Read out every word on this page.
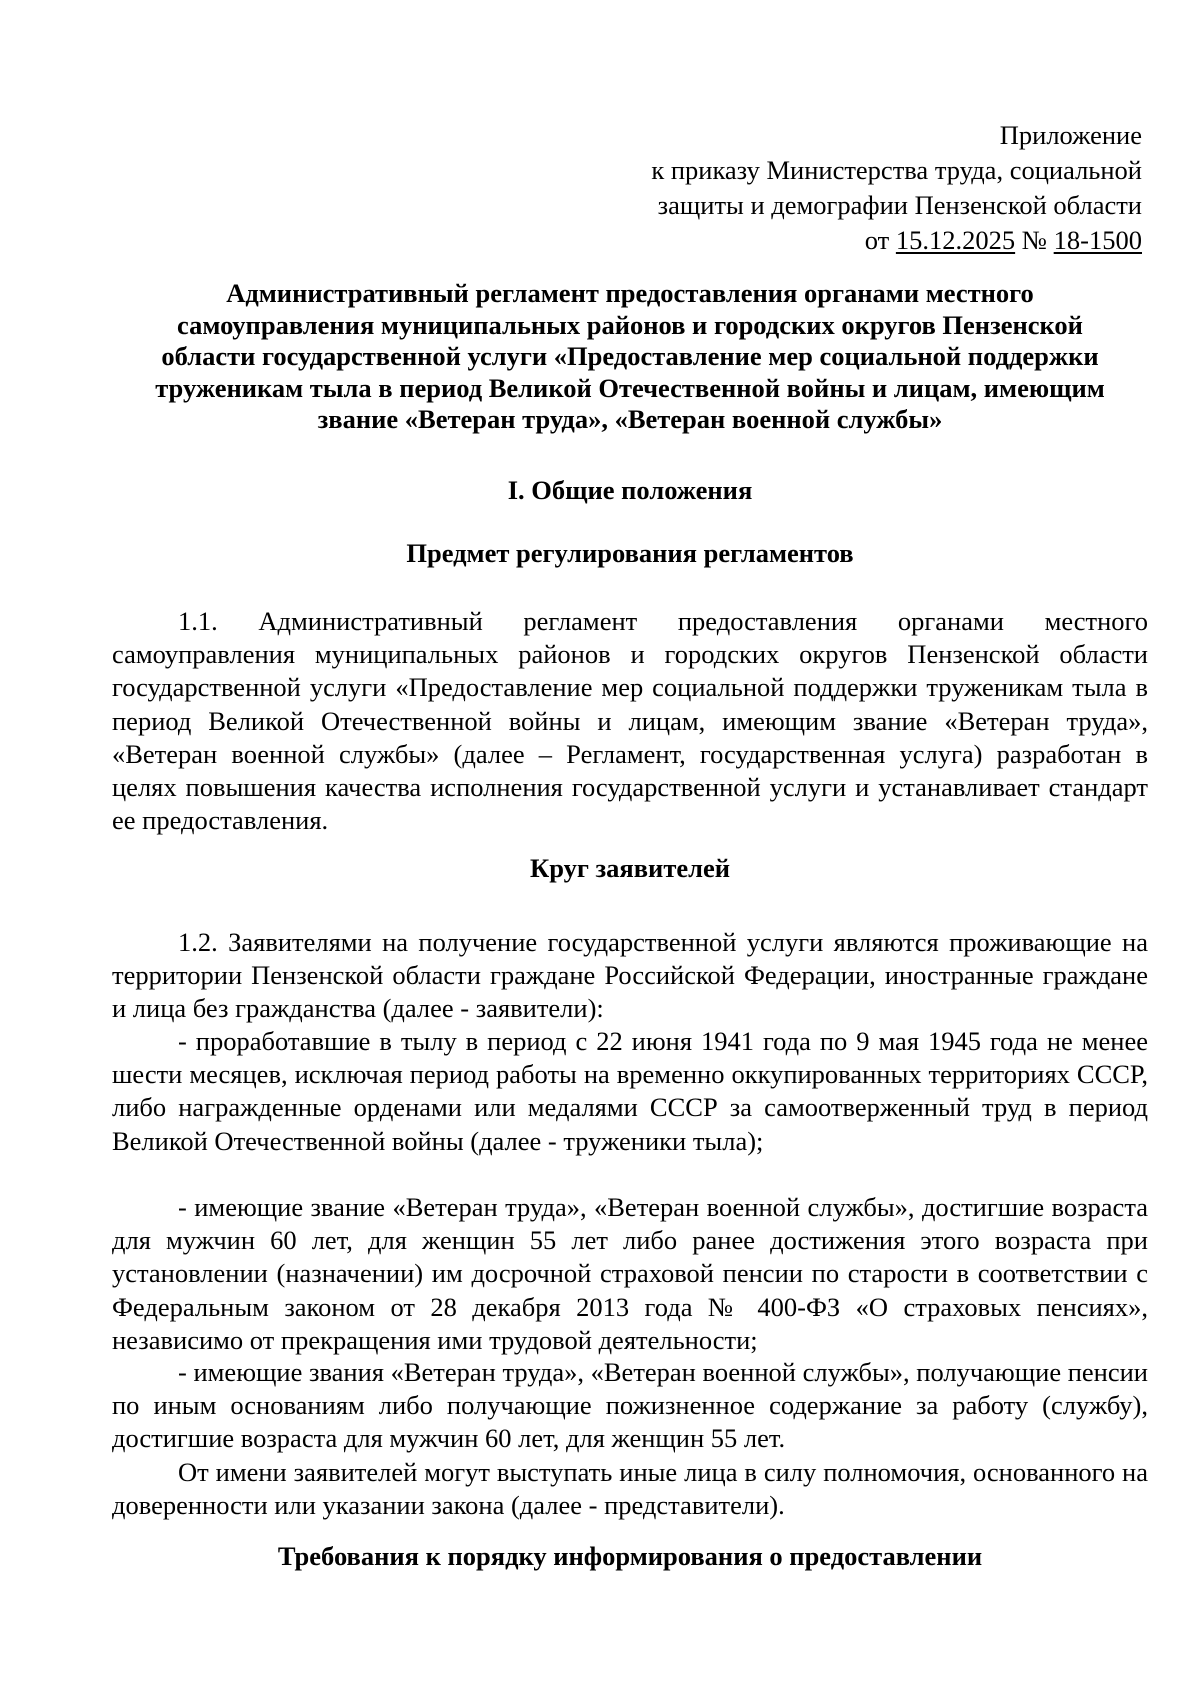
Приложение
к приказу Министерства труда, социальной
защиты и демографии Пензенской области
от 15.12.2025 № 18-1500
Административный регламент предоставления органами местного
самоуправления муниципальных районов и городских округов Пензенской
области государственной услуги «Предоставление мер социальной поддержки
труженикам тыла в период Великой Отечественной войны и лицам, имеющим
звание «Ветеран труда», «Ветеран военной службы»
I. Общие положения
Предмет регулирования регламентов
1.1. Административный регламент предоставления органами местного самоуправления муниципальных районов и городских округов Пензенской области государственной услуги «Предоставление мер социальной поддержки труженикам тыла в период Великой Отечественной войны и лицам, имеющим звание «Ветеран труда», «Ветеран военной службы» (далее – Регламент, государственная услуга) разработан в целях повышения качества исполнения государственной услуги и устанавливает стандарт ее предоставления.
Круг заявителей
1.2. Заявителями на получение государственной услуги являются проживающие на территории Пензенской области граждане Российской Федерации, иностранные граждане и лица без гражданства (далее - заявители):
- проработавшие в тылу в период с 22 июня 1941 года по 9 мая 1945 года не менее шести месяцев, исключая период работы на временно оккупированных территориях СССР, либо награжденные орденами или медалями СССР за самоотверженный труд в период Великой Отечественной войны (далее - труженики тыла);
- имеющие звание «Ветеран труда», «Ветеран военной службы», достигшие возраста для мужчин 60 лет, для женщин 55 лет либо ранее достижения этого возраста при установлении (назначении) им досрочной страховой пенсии по старости в соответствии с Федеральным законом от 28 декабря 2013 года № 400-ФЗ «О страховых пенсиях», независимо от прекращения ими трудовой деятельности;
- имеющие звания «Ветеран труда», «Ветеран военной службы», получающие пенсии по иным основаниям либо получающие пожизненное содержание за работу (службу), достигшие возраста для мужчин 60 лет, для женщин 55 лет.
От имени заявителей могут выступать иные лица в силу полномочия, основанного на доверенности или указании закона (далее - представители).
Требования к порядку информирования о предоставлении
